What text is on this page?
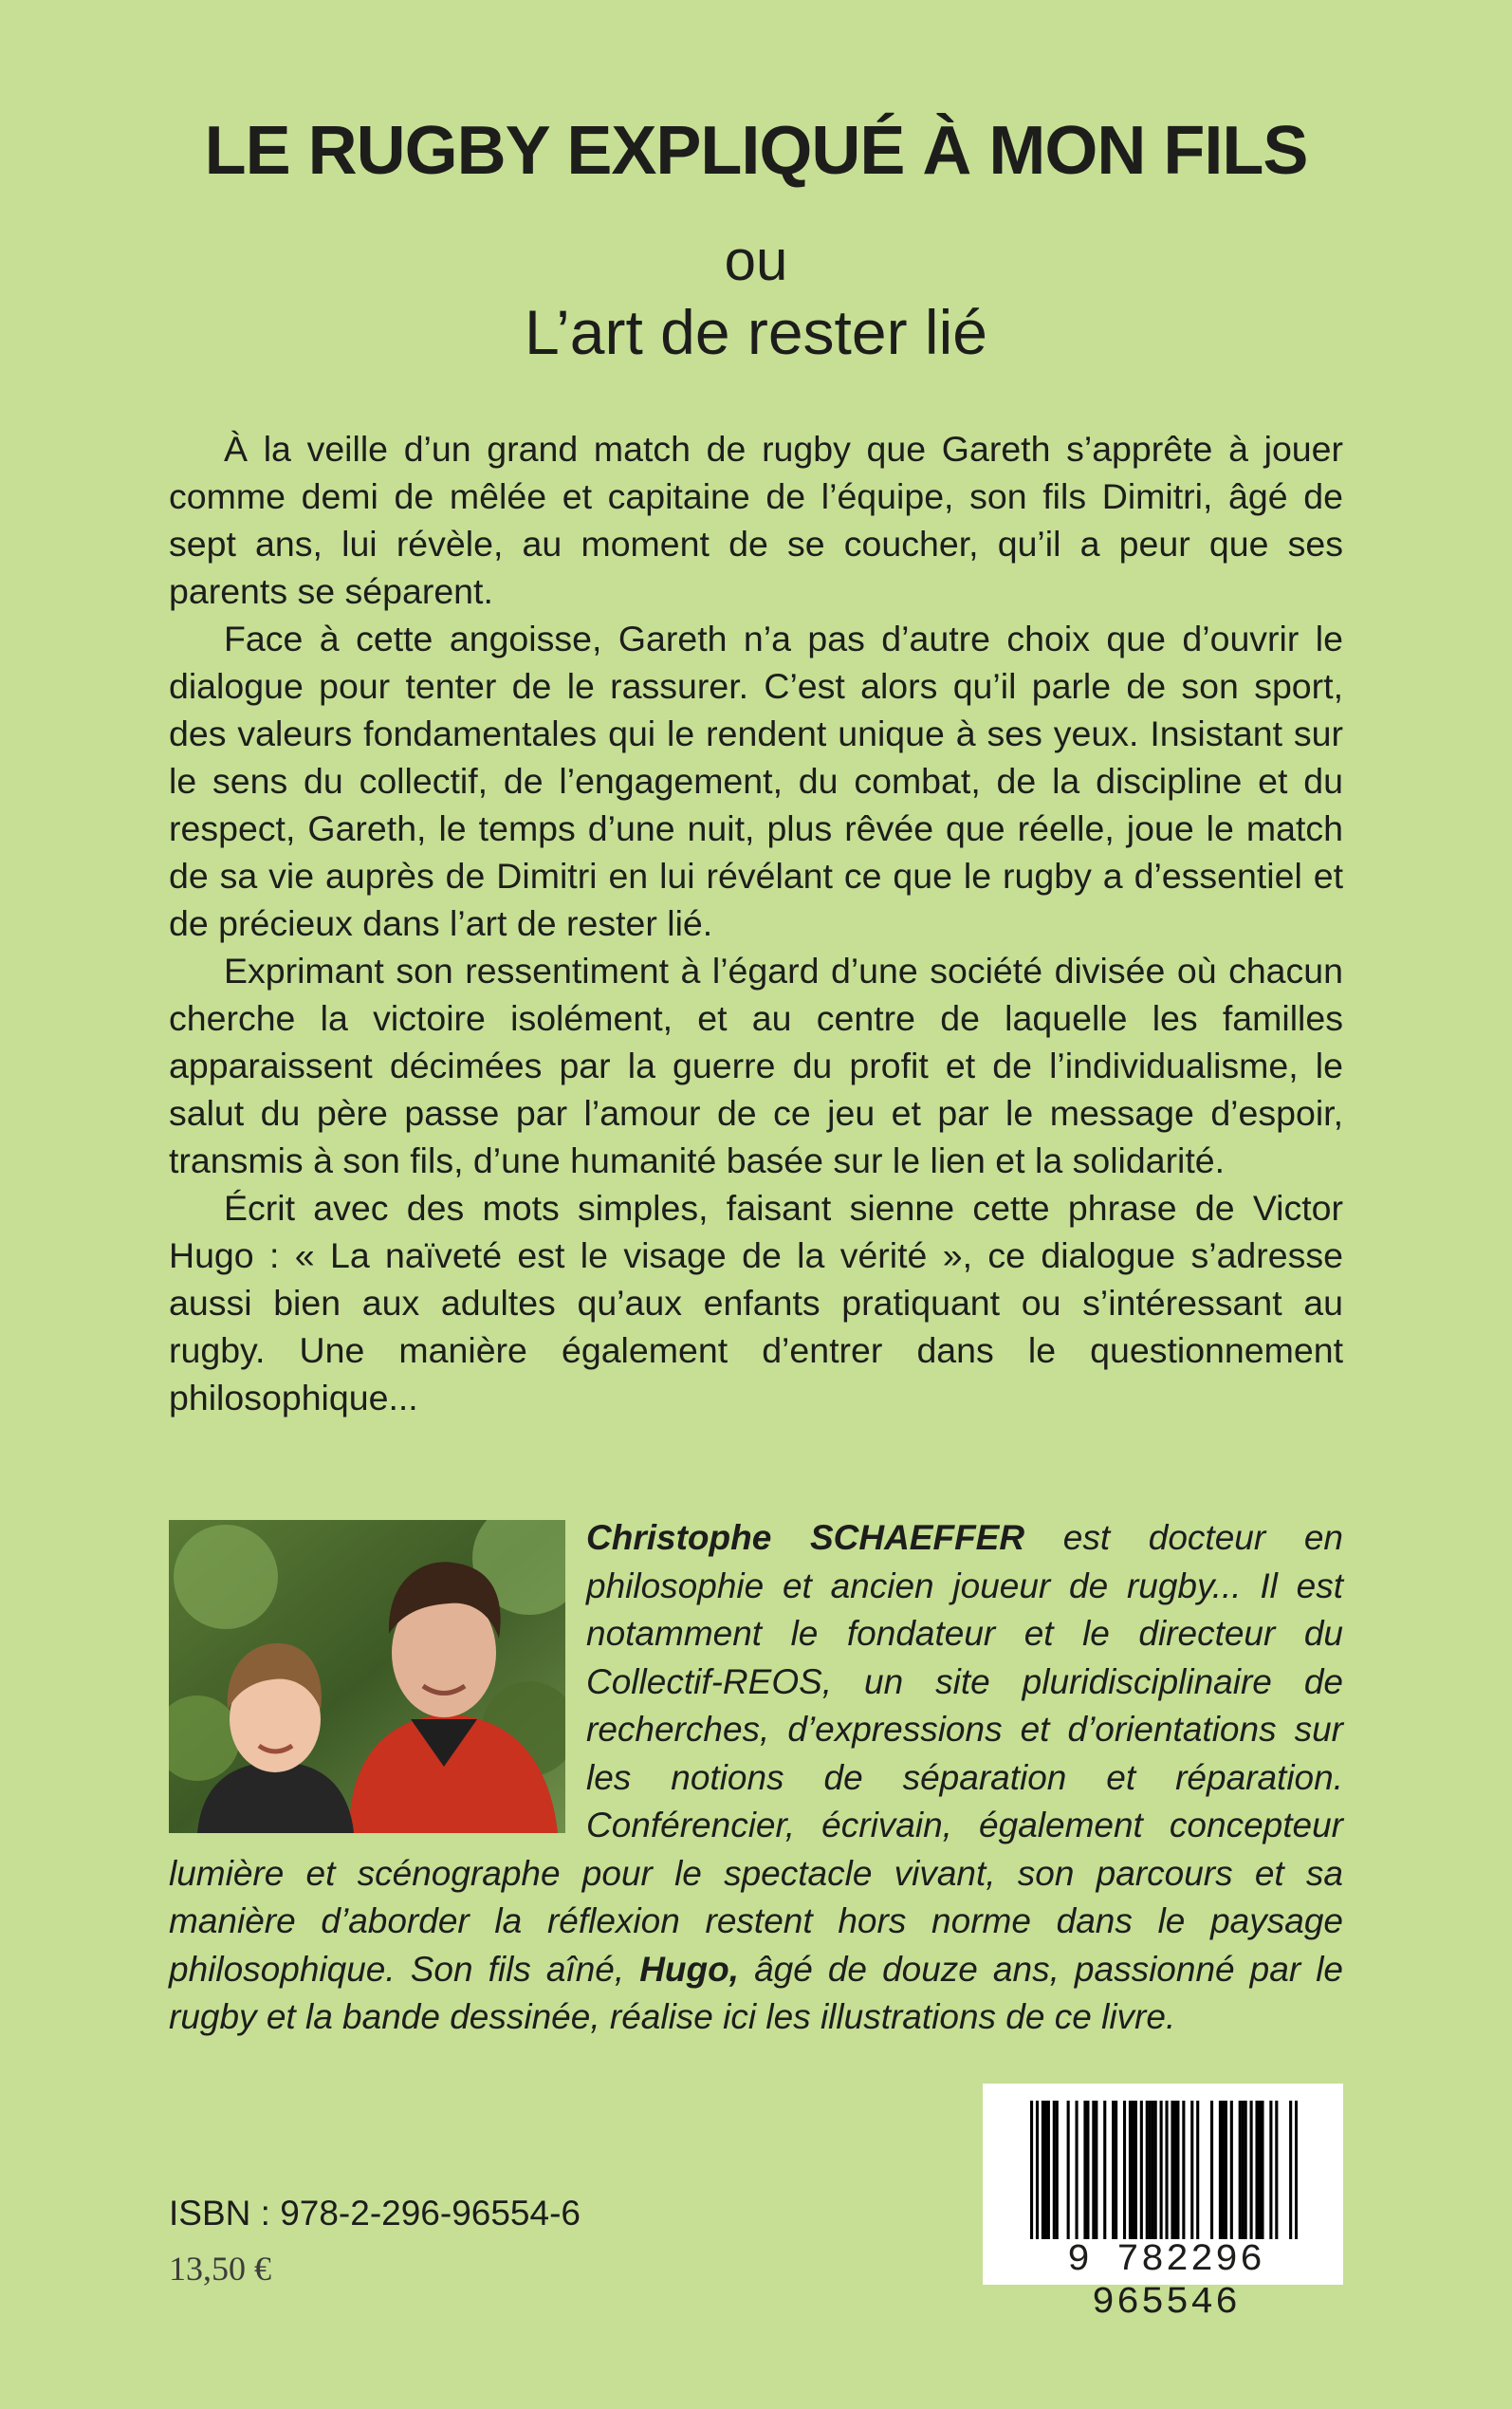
LE RUGBY EXPLIQUÉ À MON FILS
ou
L’art de rester lié

À la veille d’un grand match de rugby que Gareth s’apprête à jouer comme demi de mêlée et capitaine de l’équipe, son fils Dimitri, âgé de sept ans, lui révèle, au moment de se coucher, qu’il a peur que ses parents se séparent.

Face à cette angoisse, Gareth n’a pas d’autre choix que d’ouvrir le dialogue pour tenter de le rassurer. C’est alors qu’il parle de son sport, des valeurs fondamentales qui le rendent unique à ses yeux. Insistant sur le sens du collectif, de l’engagement, du combat, de la discipline et du respect, Gareth, le temps d’une nuit, plus rêvée que réelle, joue le match de sa vie auprès de Dimitri en lui révélant ce que le rugby a d’essentiel et de précieux dans l’art de rester lié.

Exprimant son ressentiment à l’égard d’une société divisée où chacun cherche la victoire isolément, et au centre de laquelle les familles apparaissent décimées par la guerre du profit et de l’individualisme, le salut du père passe par l’amour de ce jeu et par le message d’espoir, transmis à son fils, d’une humanité basée sur le lien et la solidarité.

Écrit avec des mots simples, faisant sienne cette phrase de Victor Hugo : « La naïveté est le visage de la vérité », ce dialogue s’adresse aussi bien aux adultes qu’aux enfants pratiquant ou s’intéressant au rugby. Une manière également d’entrer dans le questionnement philosophique...

Christophe SCHAEFFER est docteur en philosophie et ancien joueur de rugby... Il est notamment le fondateur et le directeur du Collectif-REOS, un site pluridisciplinaire de recherches, d’expressions et d’orientations sur les notions de séparation et réparation. Conférencier, écrivain, également concepteur lumière et scénographe pour le spectacle vivant, son parcours et sa manière d’aborder la réflexion restent hors norme dans le paysage philosophique. Son fils aîné, Hugo, âgé de douze ans, passionné par le rugby et la bande dessinée, réalise ici les illustrations de ce livre.
ISBN : 978-2-296-96554-6
13,50 €	9 782296 965546
